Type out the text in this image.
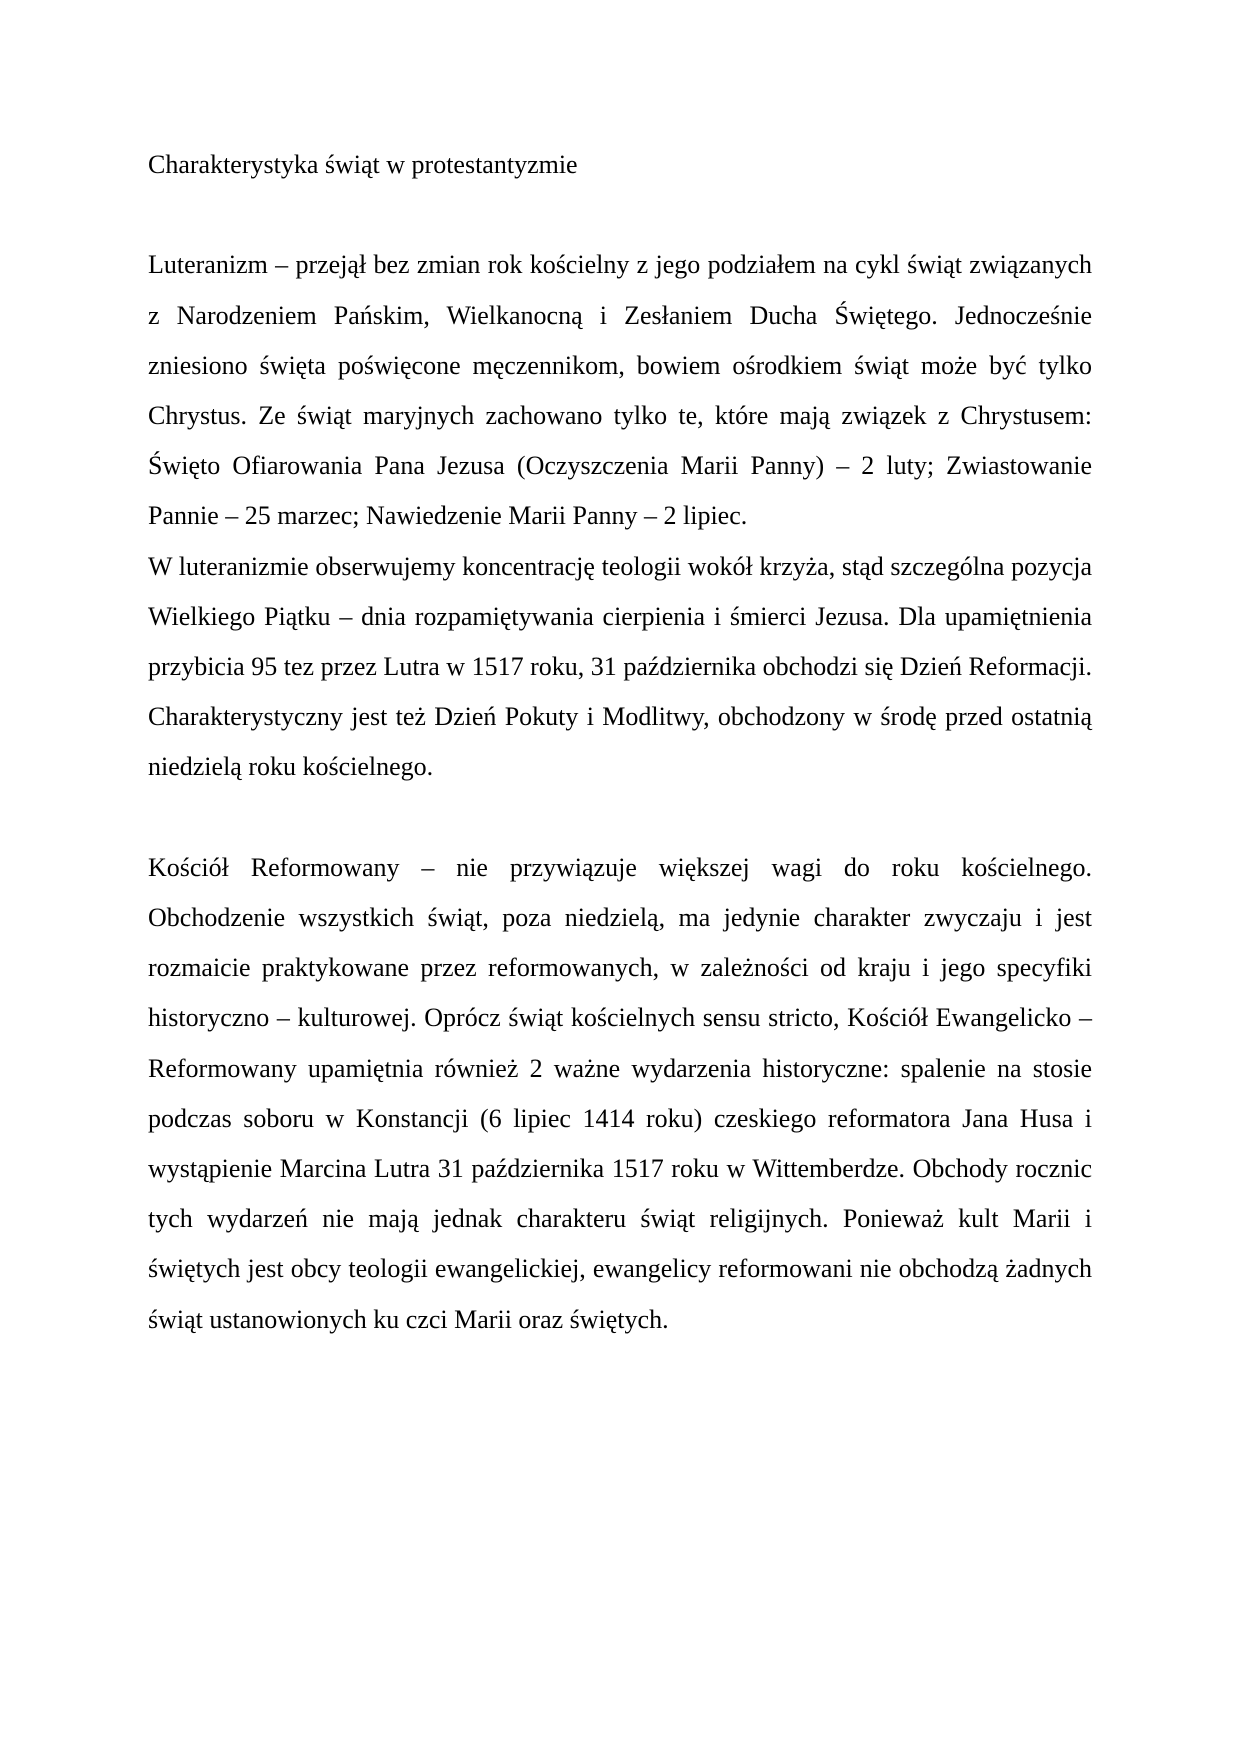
Charakterystyka świąt w protestantyzmie

Luteranizm – przejął bez zmian rok kościelny z jego podziałem na cykl świąt związanych z Narodzeniem Pańskim, Wielkanocną i Zesłaniem Ducha Świętego. Jednocześnie zniesiono święta poświęcone męczennikom, bowiem ośrodkiem świąt może być tylko Chrystus. Ze świąt maryjnych zachowano tylko te, które mają związek z Chrystusem: Święto Ofiarowania Pana Jezusa (Oczyszczenia Marii Panny) – 2 luty; Zwiastowanie Pannie – 25 marzec; Nawiedzenie Marii Panny – 2 lipiec.

W luteranizmie obserwujemy koncentrację teologii wokół krzyża, stąd szczególna pozycja Wielkiego Piątku – dnia rozpamiętywania cierpienia i śmierci Jezusa. Dla upamiętnienia przybicia 95 tez przez Lutra w 1517 roku, 31 października obchodzi się Dzień Reformacji. Charakterystyczny jest też Dzień Pokuty i Modlitwy, obchodzony w środę przed ostatnią niedzielą roku kościelnego.

Kościół Reformowany – nie przywiązuje większej wagi do roku kościelnego. Obchodzenie wszystkich świąt, poza niedzielą, ma jedynie charakter zwyczaju i jest rozmaicie praktykowane przez reformowanych, w zależności od kraju i jego specyfiki historyczno – kulturowej. Oprócz świąt kościelnych sensu stricto, Kościół Ewangelicko – Reformowany upamiętnia również 2 ważne wydarzenia historyczne: spalenie na stosie podczas soboru w Konstancji (6 lipiec 1414 roku) czeskiego reformatora Jana Husa i wystąpienie Marcina Lutra 31 października 1517 roku w Wittemberdze. Obchody rocznic tych wydarzeń nie mają jednak charakteru świąt religijnych. Ponieważ kult Marii i świętych jest obcy teologii ewangelickiej, ewangelicy reformowani nie obchodzą żadnych świąt ustanowionych ku czci Marii oraz świętych.
